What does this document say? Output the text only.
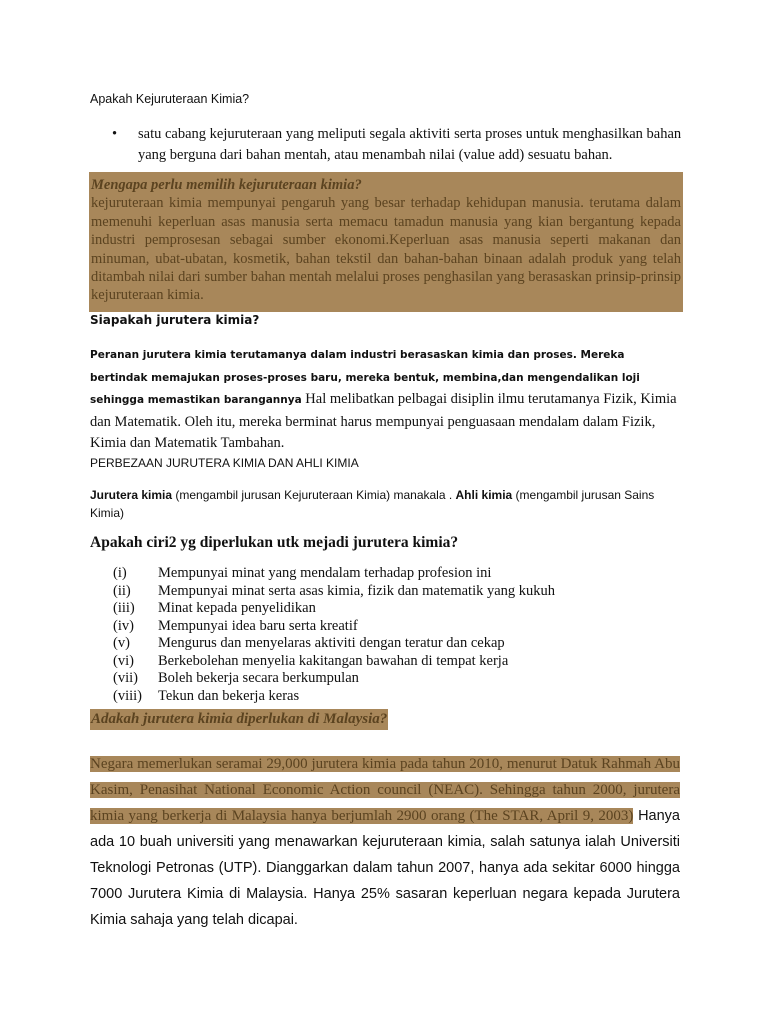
Apakah Kejuruteraan Kimia?
• satu cabang kejuruteraan yang meliputi segala aktiviti serta proses untuk menghasilkan bahan yang berguna dari bahan mentah, atau menambah nilai (value add) sesuatu bahan.
Mengapa perlu memilih kejuruteraan kimia?
kejuruteraan kimia mempunyai pengaruh yang besar terhadap kehidupan manusia. terutama dalam memenuhi keperluan asas manusia serta memacu tamadun manusia yang kian bergantung kepada industri pemprosesan sebagai sumber ekonomi.Keperluan asas manusia seperti makanan dan minuman, ubat-ubatan, kosmetik, bahan tekstil dan bahan-bahan binaan adalah produk yang telah ditambah nilai dari sumber bahan mentah melalui proses penghasilan yang berasaskan prinsip-prinsip kejuruteraan kimia.
Siapakah jurutera kimia?
Peranan jurutera kimia terutamanya dalam industri berasaskan kimia dan proses. Mereka bertindak memajukan proses-proses baru, mereka bentuk, membina,dan mengendalikan loji sehingga memastikan barangannya Hal melibatkan pelbagai disiplin ilmu terutamanya Fizik, Kimia dan Matematik. Oleh itu, mereka berminat harus mempunyai penguasaan mendalam dalam Fizik, Kimia dan Matematik Tambahan.
PERBEZAAN JURUTERA KIMIA DAN AHLI KIMIA
Jurutera kimia (mengambil jurusan Kejuruteraan Kimia) manakala . Ahli kimia (mengambil jurusan Sains Kimia)
Apakah ciri2 yg diperlukan utk mejadi jurutera kimia?
(i)	Mempunyai minat yang mendalam terhadap profesion ini
(ii)	Mempunyai minat serta asas kimia, fizik dan matematik yang kukuh
(iii)	Minat kepada penyelidikan
(iv)	Mempunyai idea baru serta kreatif
(v)	Mengurus dan menyelaras aktiviti dengan teratur dan cekap
(vi)	Berkebolehan menyelia kakitangan bawahan di tempat kerja
(vii)	Boleh bekerja secara berkumpulan
(viii)	Tekun dan bekerja keras
Adakah jurutera kimia diperlukan di Malaysia?
Negara memerlukan seramai 29,000 jurutera kimia pada tahun 2010, menurut Datuk Rahmah Abu Kasim, Penasihat National Economic Action council (NEAC). Sehingga tahun 2000, jurutera kimia yang berkerja di Malaysia hanya berjumlah 2900 orang (The STAR, April 9, 2003) Hanya ada 10 buah universiti yang menawarkan kejuruteraan kimia, salah satunya ialah Universiti Teknologi Petronas (UTP). Dianggarkan dalam tahun 2007, hanya ada sekitar 6000 hingga 7000 Jurutera Kimia di Malaysia. Hanya 25% sasaran keperluan negara kepada Jurutera Kimia sahaja yang telah dicapai.
